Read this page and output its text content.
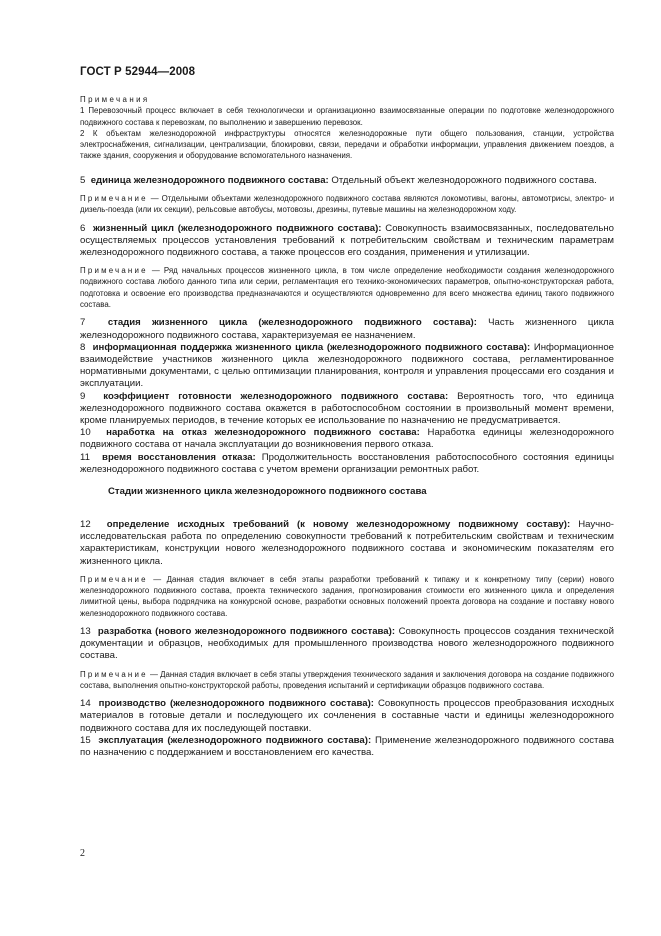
ГОСТ Р 52944—2008
Примечания
1 Перевозочный процесс включает в себя технологически и организационно взаимосвязанные операции по подготовке железнодорожного подвижного состава к перевозкам, по выполнению и завершению перевозок.
2 К объектам железнодорожной инфраструктуры относятся железнодорожные пути общего пользования, станции, устройства электроснабжения, сигнализации, централизации, блокировки, связи, передачи и обработки информации, управления движением поездов, а также здания, сооружения и оборудование вспомогательного назначения.

5 единица железнодорожного подвижного состава: Отдельный объект железнодорожного подвижного состава.

Примечание — Отдельными объектами железнодорожного подвижного состава являются локомотивы, вагоны, автомотрисы, электро- и дизель-поезда (или их секции), рельсовые автобусы, мотовозы, дрезины, путевые машины на железнодорожном ходу.

6 жизненный цикл (железнодорожного подвижного состава): Совокупность взаимосвязанных, последовательно осуществляемых процессов установления требований к потребительским свойствам и техническим параметрам железнодорожного подвижного состава, а также процессов его создания, применения и утилизации.

Примечание — Ряд начальных процессов жизненного цикла, в том числе определение необходимости создания железнодорожного подвижного состава любого данного типа или серии, регламентация его технико-экономических параметров, опытно-конструкторская работа, подготовка и освоение его производства предназначаются и осуществляются одновременно для всего множества единиц такого подвижного состава.

7 стадия жизненного цикла (железнодорожного подвижного состава): Часть жизненного цикла железнодорожного подвижного состава, характеризуемая ее назначением.

8 информационная поддержка жизненного цикла (железнодорожного подвижного состава): Информационное взаимодействие участников жизненного цикла железнодорожного подвижного состава, регламентированное нормативными документами, с целью оптимизации планирования, контроля и управления процессами его создания и эксплуатации.

9 коэффициент готовности железнодорожного подвижного состава: Вероятность того, что единица железнодорожного подвижного состава окажется в работоспособном состоянии в произвольный момент времени, кроме планируемых периодов, в течение которых ее использование по назначению не предусматривается.

10 наработка на отказ железнодорожного подвижного состава: Наработка единицы железнодорожного подвижного состава от начала эксплуатации до возникновения первого отказа.

11 время восстановления отказа: Продолжительность восстановления работоспособного состояния единицы железнодорожного подвижного состава с учетом времени организации ремонтных работ.

Стадии жизненного цикла железнодорожного подвижного состава

12 определение исходных требований (к новому железнодорожному подвижному составу): Научно-исследовательская работа по определению совокупности требований к потребительским свойствам и техническим характеристикам, конструкции нового железнодорожного подвижного состава и экономическим показателям его жизненного цикла.

Примечание — Данная стадия включает в себя этапы разработки требований к типажу и к конкретному типу (серии) нового железнодорожного подвижного состава, проекта технического задания, прогнозирования стоимости его жизненного цикла и определения лимитной цены, выбора подрядчика на конкурсной основе, разработки основных положений проекта договора на создание и поставку нового железнодорожного подвижного состава.

13 разработка (нового железнодорожного подвижного состава): Совокупность процессов создания технической документации и образцов, необходимых для промышленного производства нового железнодорожного подвижного состава.

Примечание — Данная стадия включает в себя этапы утверждения технического задания и заключения договора на создание подвижного состава, выполнения опытно-конструкторской работы, проведения испытаний и сертификации образцов подвижного состава.

14 производство (железнодорожного подвижного состава): Совокупность процессов преобразования исходных материалов в готовые детали и последующего их сочленения в составные части и единицы железнодорожного подвижного состава для их последующей поставки.

15 эксплуатация (железнодорожного подвижного состава): Применение железнодорожного подвижного состава по назначению с поддержанием и восстановлением его качества.

2
